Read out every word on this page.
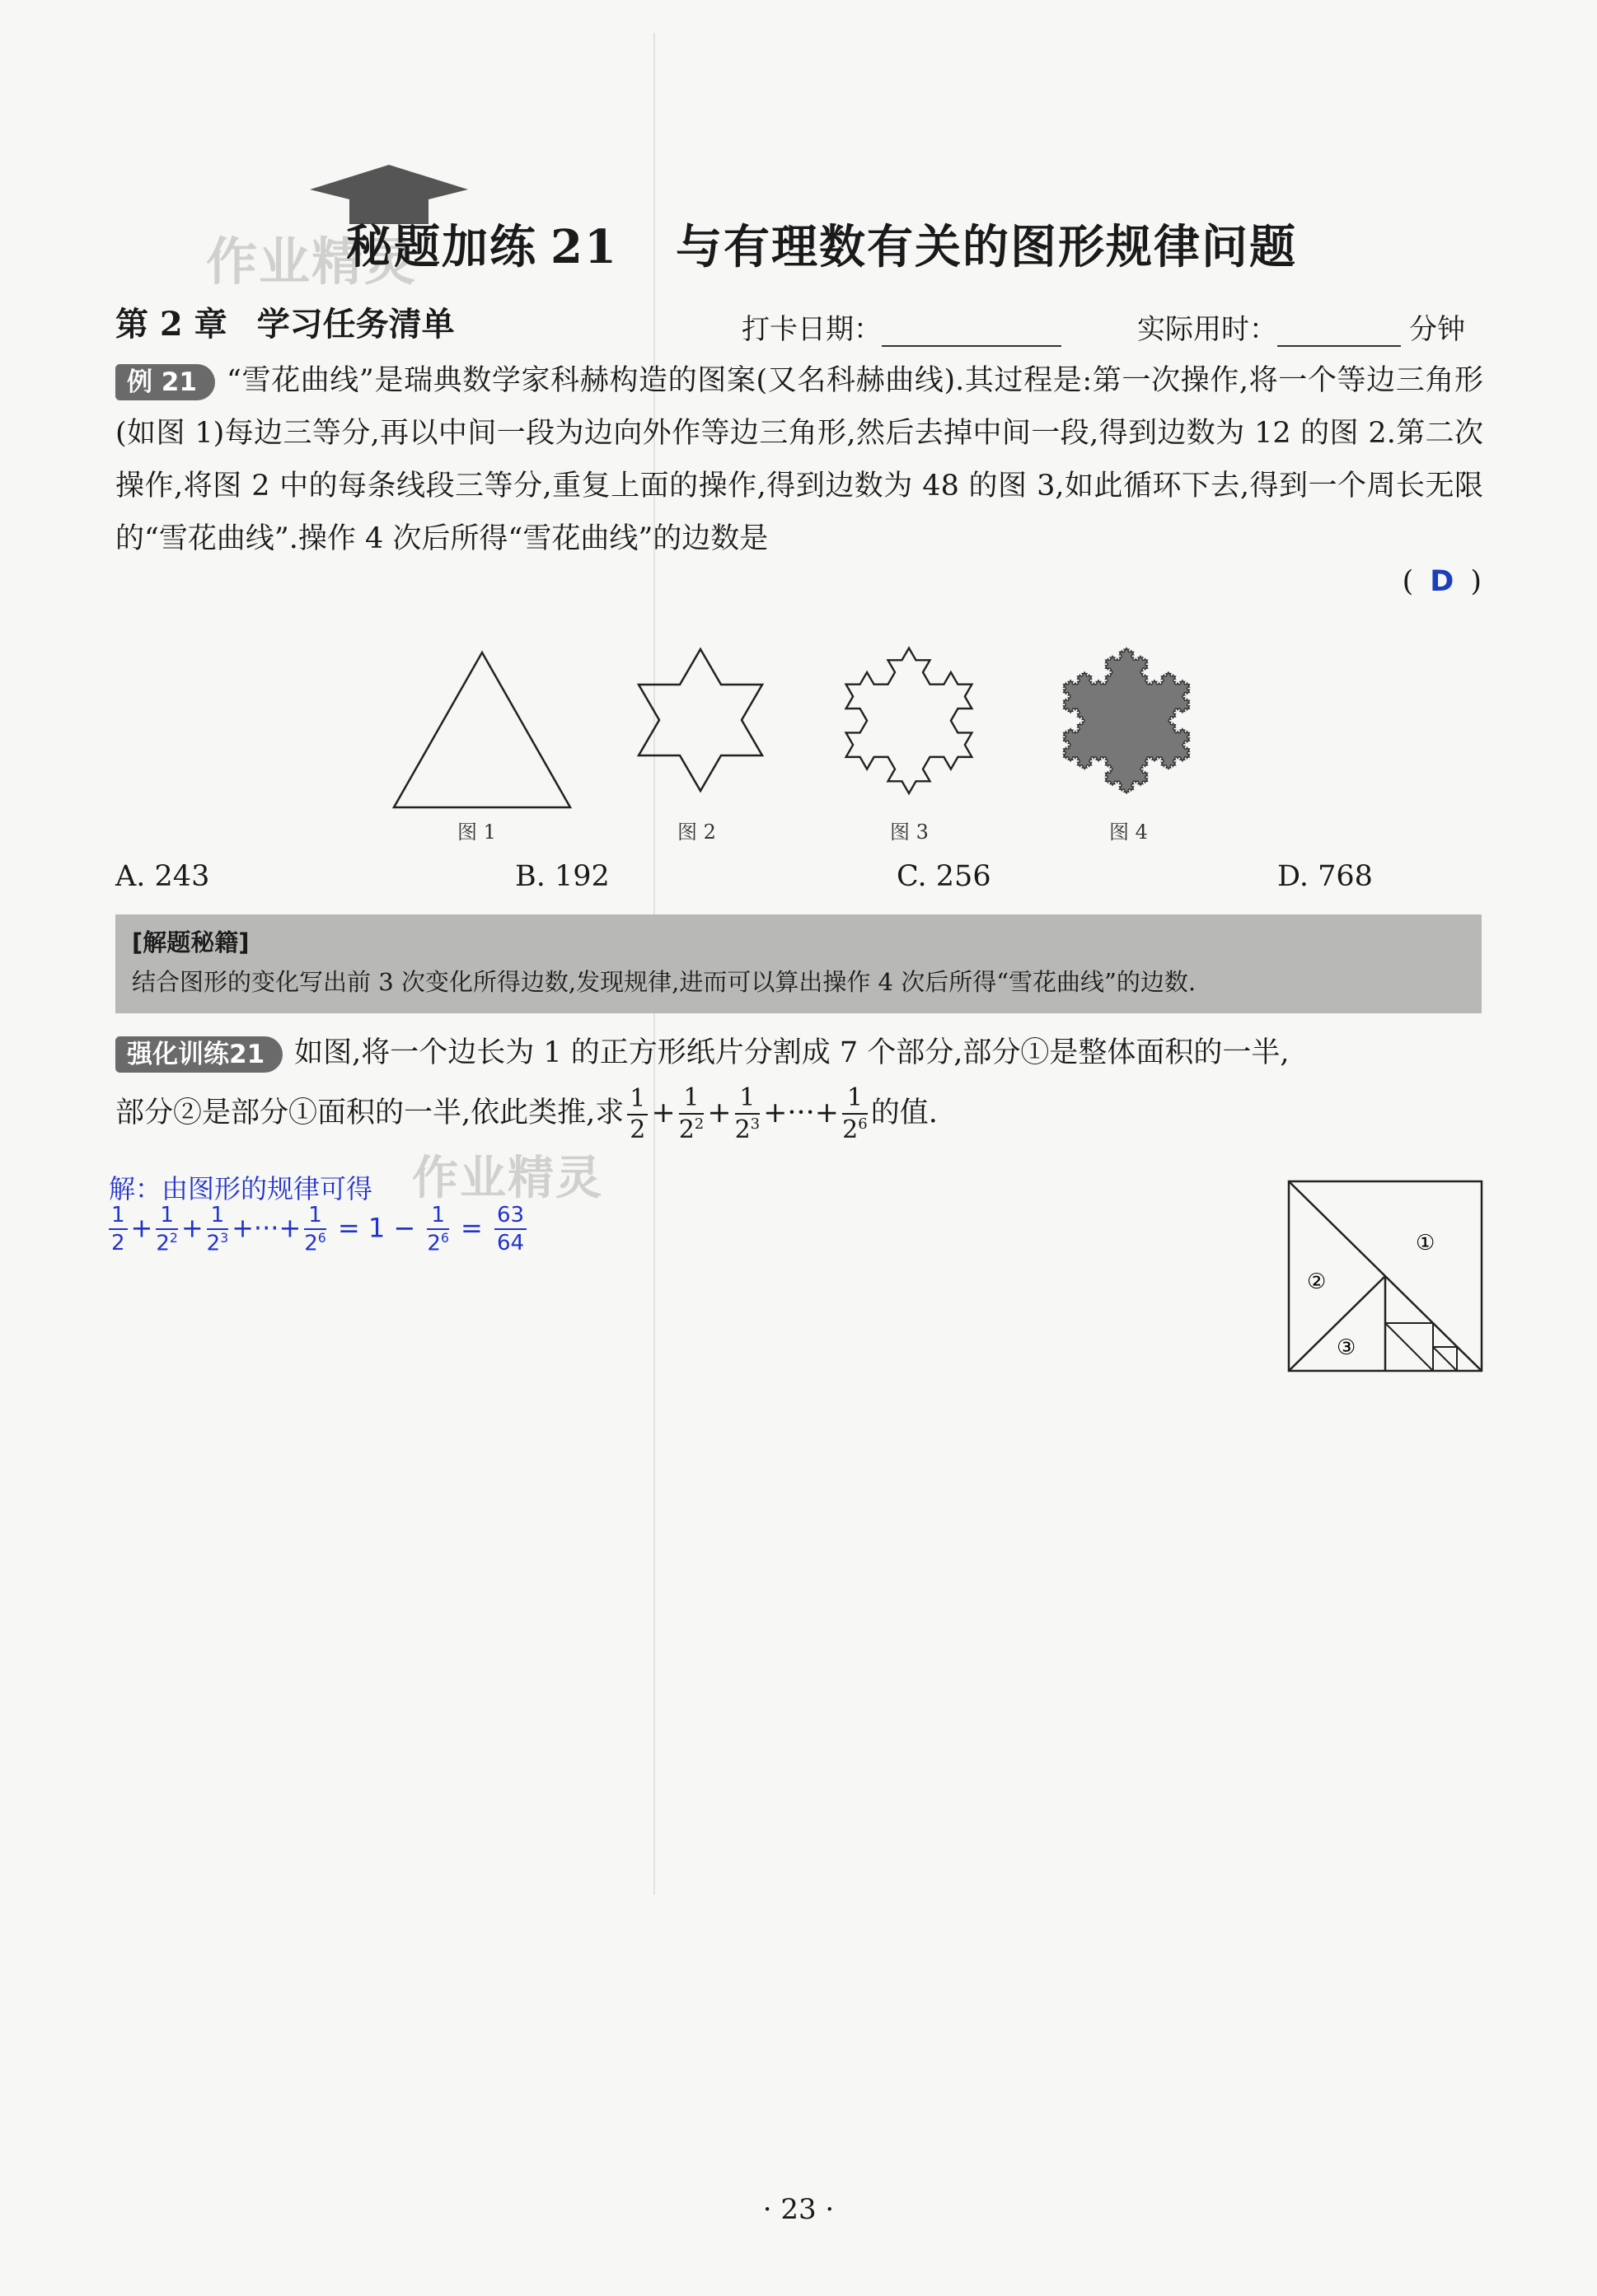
作业精灵
秘题加练 21 与有理数有关的图形规律问题
第 2 章 学习任务清单	打卡日期：	实际用时：	分钟
例 21 “雪花曲线”是瑞典数学家科赫构造的图案(又名科赫曲线).其过程是:第一次操作,将一个等边三角形(如图 1)每边三等分,再以中间一段为边向外作等边三角形,然后去掉中间一段,得到边数为 12 的图 2.第二次操作,将图 2 中的每条线段三等分,重复上面的操作,得到边数为 48 的图 3,如此循环下去,得到一个周长无限的“雪花曲线”.操作 4 次后所得“雪花曲线”的边数是
( D )
图 1	图 2	图 3	图 4
A. 243	B. 192	C. 256	D. 768
[解题秘籍]
结合图形的变化写出前 3 次变化所得边数,发现规律,进而可以算出操作 4 次后所得“雪花曲线”的边数.
强化训练21 如图,将一个边长为 1 的正方形纸片分割成 7 个部分,部分①是整体面积的一半,
部分②是部分①面积的一半,依此类推,求 $\frac{1}{2} + \frac{1}{2^2} + \frac{1}{2^3}$ +···+ $\frac{1}{2^6}$ 的值.
①
②
③
作业精灵
解：由图形的规律可得
$\frac{1}{2} + \frac{1}{2^2} + \frac{1}{2^3}$ +···+ $\frac{1}{2^6} = 1 - \frac{1}{2^6} = \frac{63}{64}$
· 23 ·
